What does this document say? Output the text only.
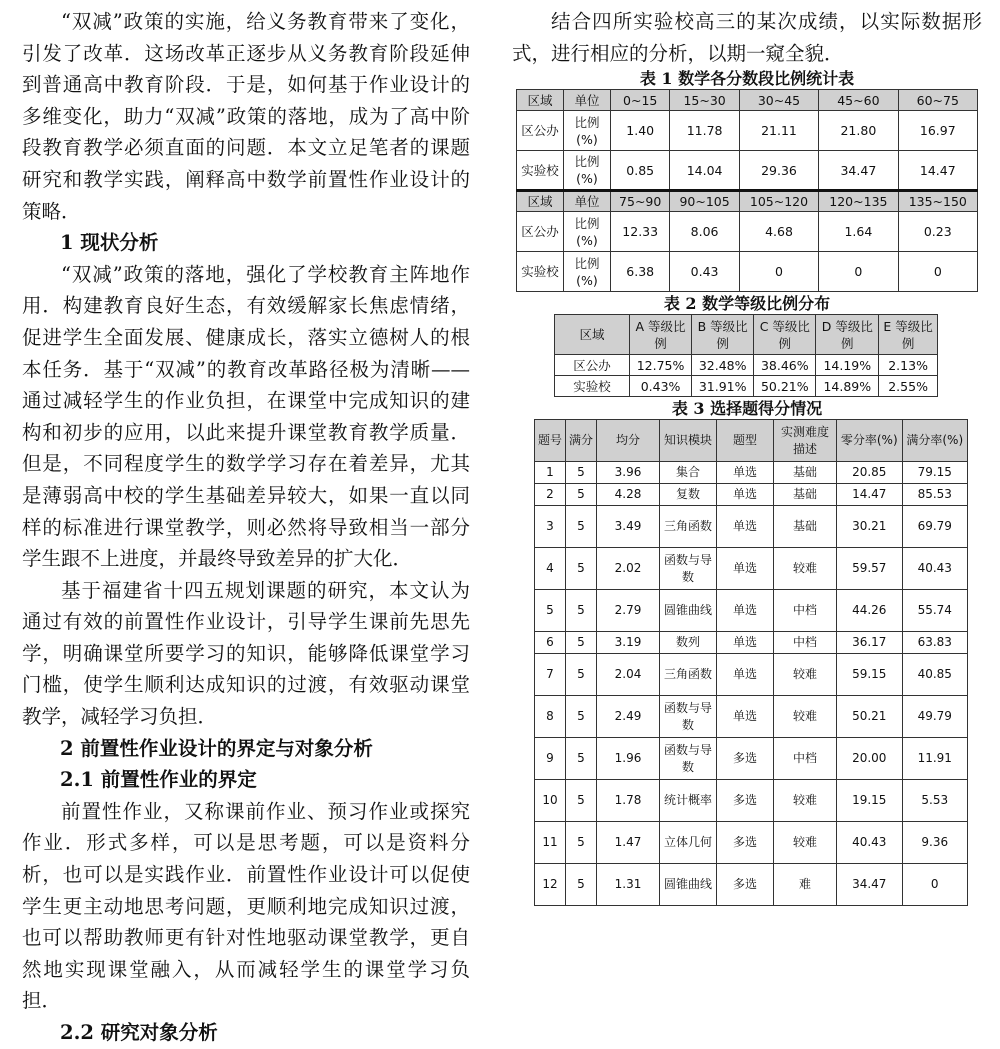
“双减”政策的实施，给义务教育带来了变化，引发了改革．这场改革正逐步从义务教育阶段延伸到普通高中教育阶段．于是，如何基于作业设计的多维变化，助力“双减”政策的落地，成为了高中阶段教育教学必须直面的问题．本文立足笔者的课题研究和教学实践，阐释高中数学前置性作业设计的策略．

1 现状分析

“双减”政策的落地，强化了学校教育主阵地作用．构建教育良好生态，有效缓解家长焦虑情绪，促进学生全面发展、健康成长，落实立德树人的根本任务．基于“双减”的教育改革路径极为清晰——通过减轻学生的作业负担，在课堂中完成知识的建构和初步的应用，以此来提升课堂教育教学质量．但是，不同程度学生的数学学习存在着差异，尤其是薄弱高中校的学生基础差异较大，如果一直以同样的标准进行课堂教学，则必然将导致相当一部分学生跟不上进度，并最终导致差异的扩大化．

基于福建省十四五规划课题的研究，本文认为通过有效的前置性作业设计，引导学生课前先思先学，明确课堂所要学习的知识，能够降低课堂学习门槛，使学生顺利达成知识的过渡，有效驱动课堂教学，减轻学习负担．

2 前置性作业设计的界定与对象分析
2.1 前置性作业的界定

前置性作业，又称课前作业、预习作业或探究作业．形式多样，可以是思考题，可以是资料分析，也可以是实践作业．前置性作业设计可以促使学生更主动地思考问题，更顺利地完成知识过渡，也可以帮助教师更有针对性地驱动课堂教学，更自然地实现课堂融入，从而减轻学生的课堂学习负担．

2.2 研究对象分析

结合四所实验校高三的某次成绩，以实际数据形式，进行相应的分析，以期一窥全貌．

表 1 数学各分数段比例统计表

区域	单位	0~15	15~30	30~45	45~60	60~75
区公办	比例(%)	1.40	11.78	21.11	21.80	16.97
实验校	比例(%)	0.85	14.04	29.36	34.47	14.47
区域	单位	75~90	90~105	105~120	120~135	135~150
区公办	比例(%)	12.33	8.06	4.68	1.64	0.23
实验校	比例(%)	6.38	0.43	0	0	0

表 2 数学等级比例分布

区域	A 等级比例	B 等级比例	C 等级比例	D 等级比例	E 等级比例
区公办	12.75%	32.48%	38.46%	14.19%	2.13%
实验校	0.43%	31.91%	50.21%	14.89%	2.55%

表 3 选择题得分情况

题号	满分	均分	知识模块	题型	实测难度描述	零分率(%)	满分率(%)
1	5	3.96	集合	单选	基础	20.85	79.15
2	5	4.28	复数	单选	基础	14.47	85.53
3	5	3.49	三角函数	单选	基础	30.21	69.79
4	5	2.02	函数与导数	单选	较难	59.57	40.43
5	5	2.79	圆锥曲线	单选	中档	44.26	55.74
6	5	3.19	数列	单选	中档	36.17	63.83
7	5	2.04	三角函数	单选	较难	59.15	40.85
8	5	2.49	函数与导数	单选	较难	50.21	49.79
9	5	1.96	函数与导数	多选	中档	20.00	11.91
10	5	1.78	统计概率	多选	较难	19.15	5.53
11	5	1.47	立体几何	多选	较难	40.43	9.36
12	5	1.31	圆锥曲线	多选	难	34.47	0
